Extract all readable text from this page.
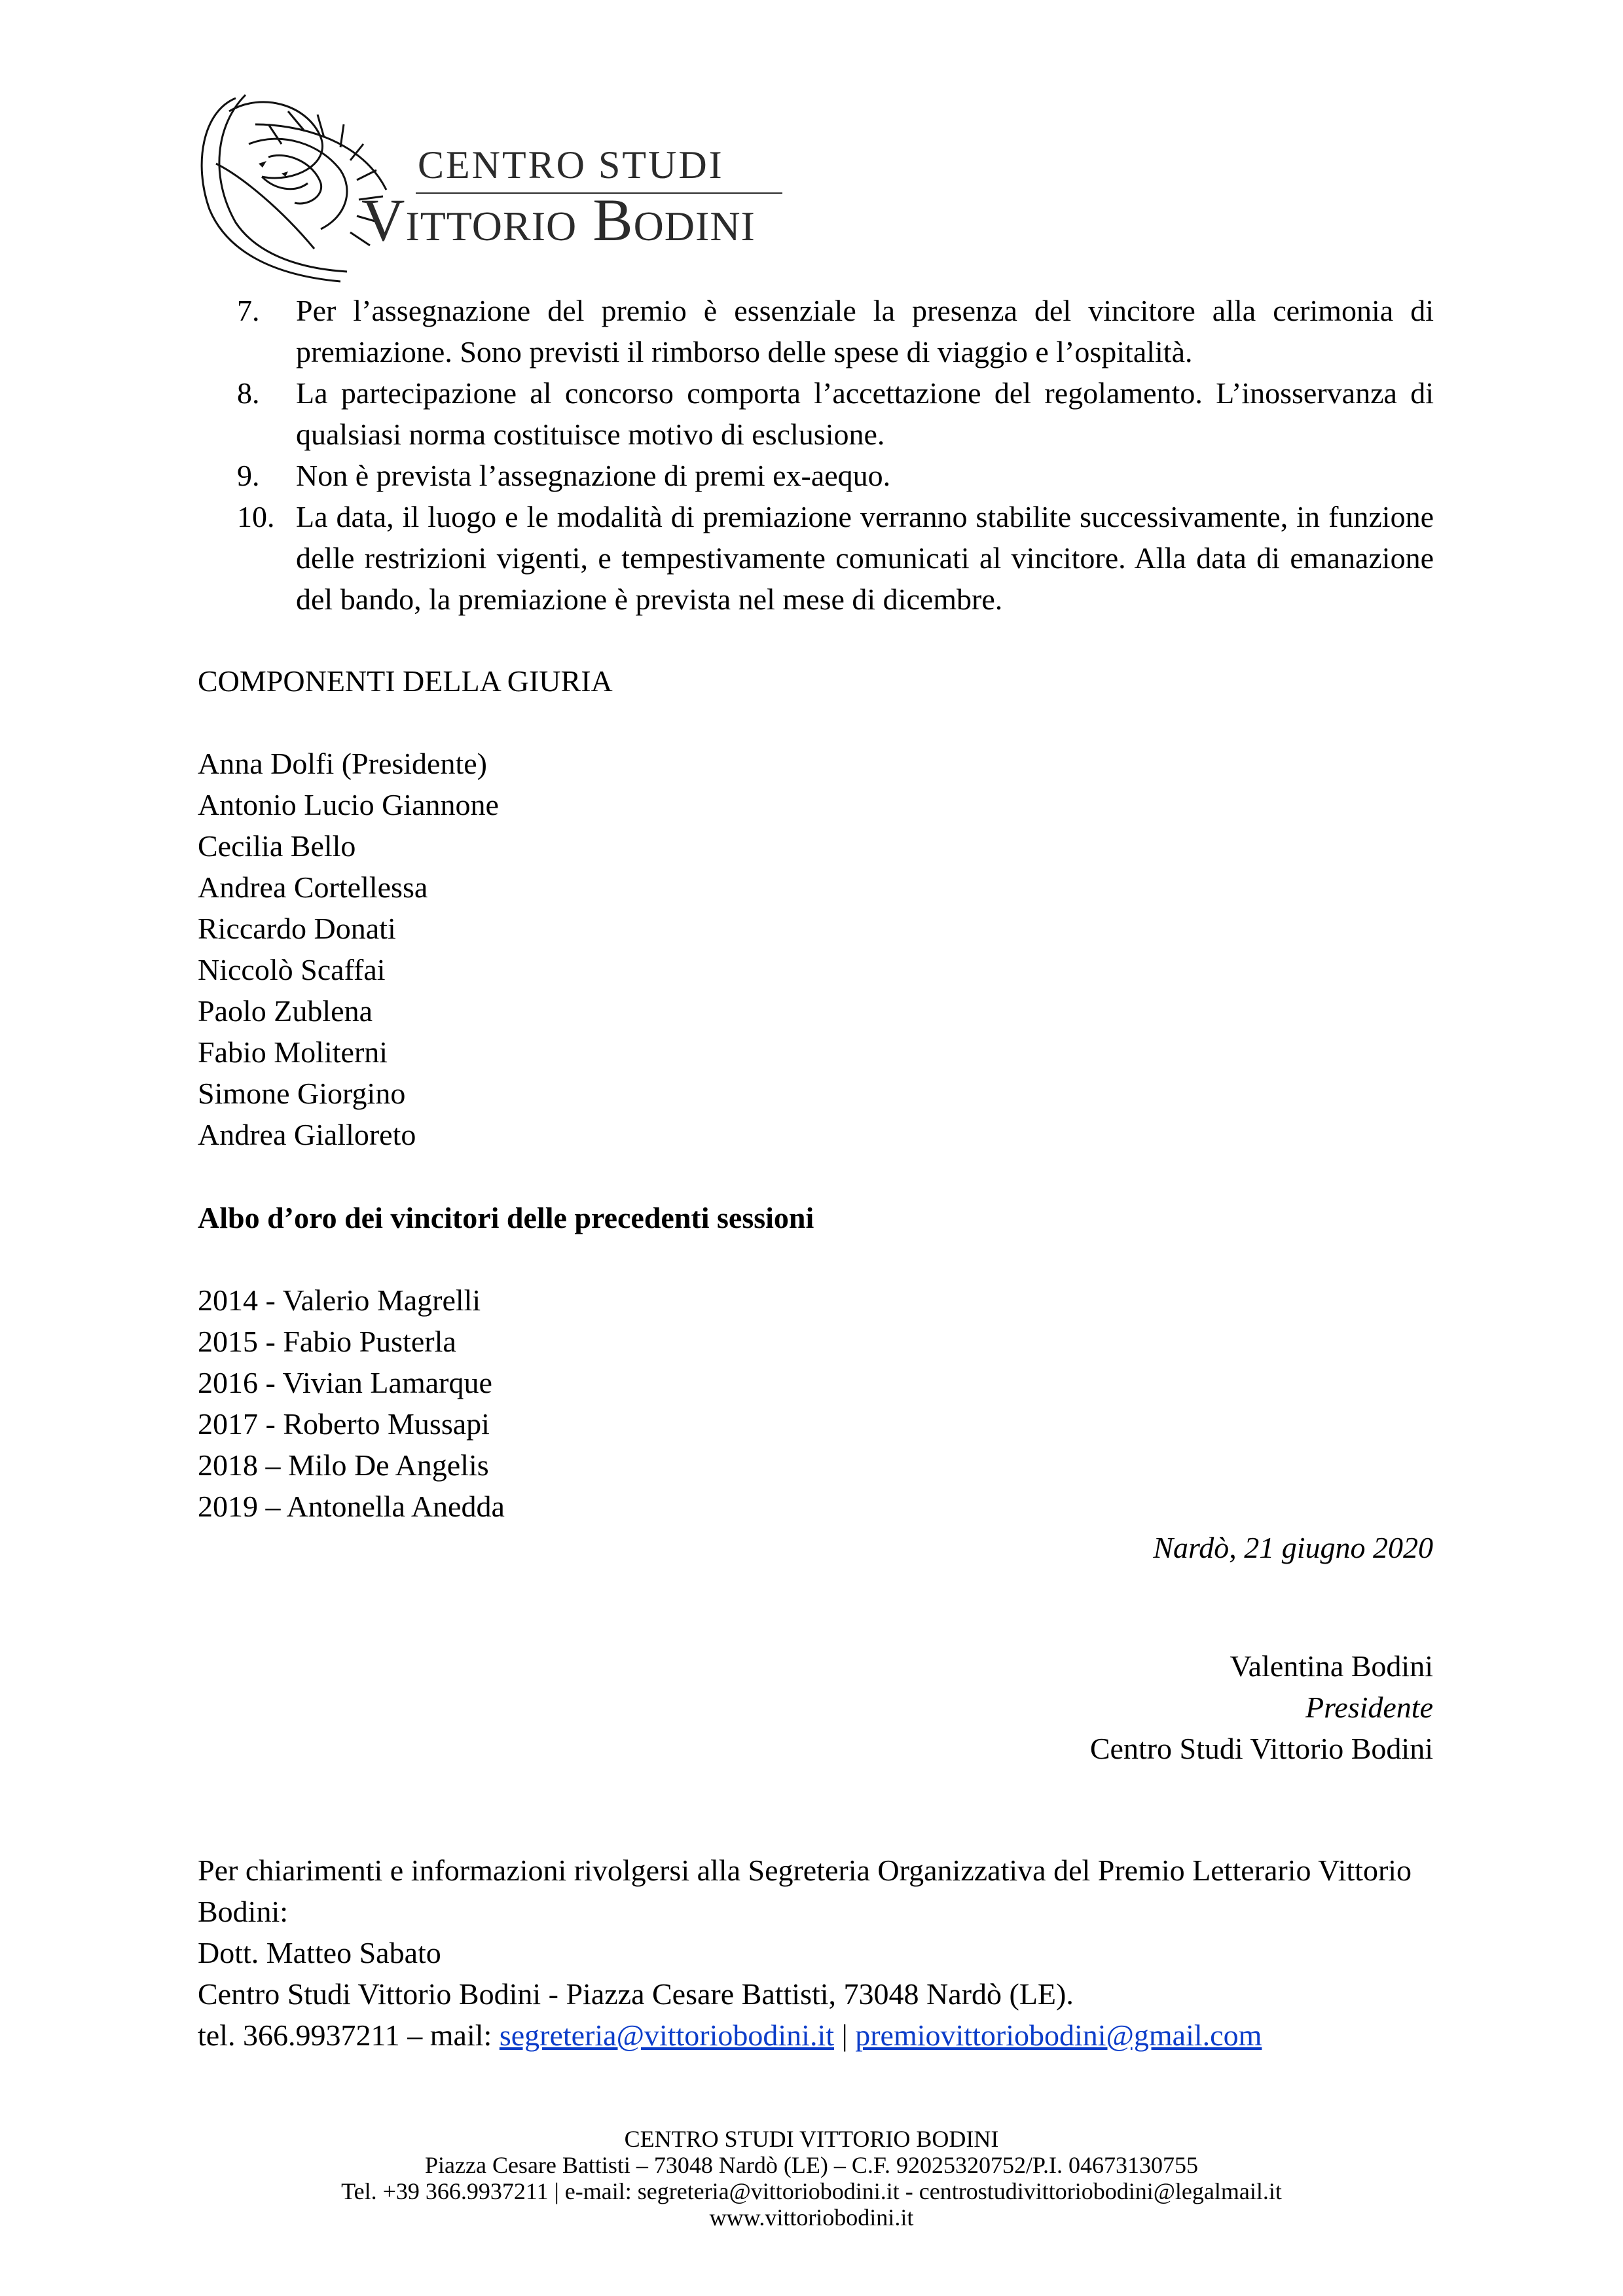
CENTRO STUDI
Vittorio Bodini
7. Per l’assegnazione del premio è essenziale la presenza del vincitore alla cerimonia di premiazione. Sono previsti il rimborso delle spese di viaggio e l’ospitalità.
8. La partecipazione al concorso comporta l’accettazione del regolamento. L’inosservanza di qualsiasi norma costituisce motivo di esclusione.
9. Non è prevista l’assegnazione di premi ex-aequo.
10. La data, il luogo e le modalità di premiazione verranno stabilite successivamente, in funzione delle restrizioni vigenti, e tempestivamente comunicati al vincitore. Alla data di emanazione del bando, la premiazione è prevista nel mese di dicembre.
COMPONENTI DELLA GIURIA
Anna Dolfi (Presidente)
Antonio Lucio Giannone
Cecilia Bello
Andrea Cortellessa
Riccardo Donati
Niccolò Scaffai
Paolo Zublena
Fabio Moliterni
Simone Giorgino
Andrea Gialloreto
Albo d’oro dei vincitori delle precedenti sessioni
2014 - Valerio Magrelli
2015 - Fabio Pusterla
2016 - Vivian Lamarque
2017 - Roberto Mussapi
2018 – Milo De Angelis
2019 – Antonella Anedda
Nardò, 21 giugno 2020
Valentina Bodini
Presidente
Centro Studi Vittorio Bodini

Per chiarimenti e informazioni rivolgersi alla Segreteria Organizzativa del Premio Letterario Vittorio Bodini:

Dott. Matteo Sabato

Centro Studi Vittorio Bodini - Piazza Cesare Battisti, 73048 Nardò (LE).

tel. 366.9937211 – mail: segreteria@vittoriobodini.it | premiovittoriobodini@gmail.com

CENTRO STUDI VITTORIO BODINI

Piazza Cesare Battisti – 73048 Nardò (LE) – C.F. 92025320752/P.I. 04673130755

Tel. +39 366.9937211 | e-mail: segreteria@vittoriobodini.it - centrostudivittoriobodini@legalmail.it

www.vittoriobodini.it
